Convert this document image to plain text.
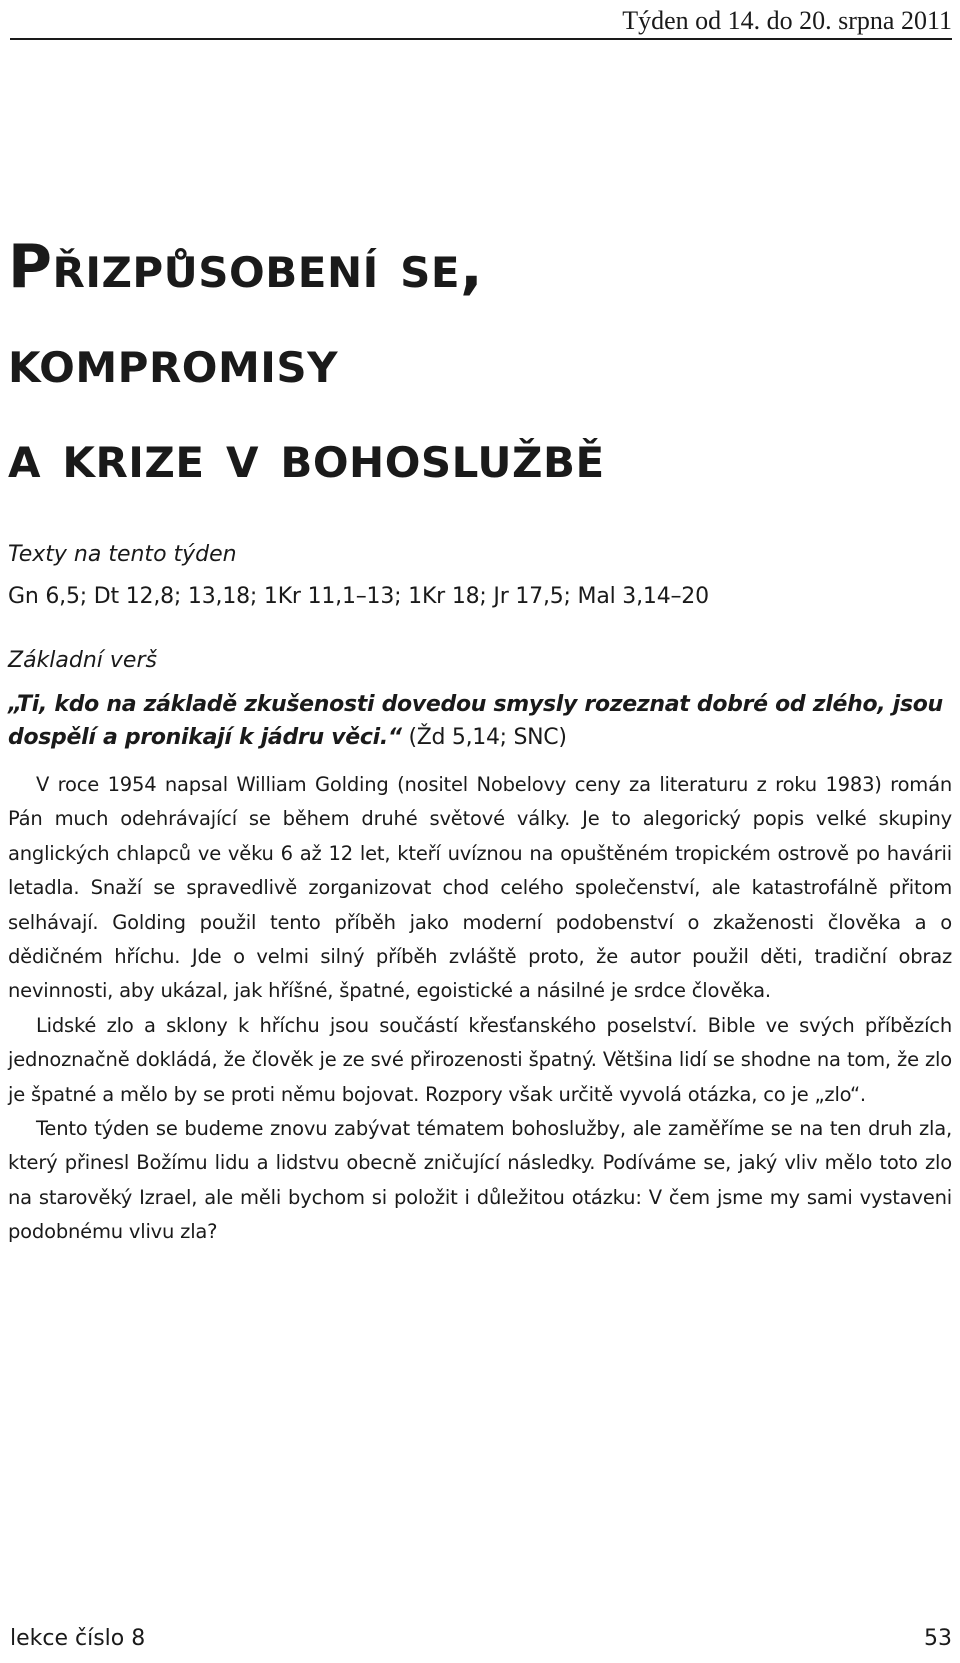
Týden od 14. do 20. srpna 2011
Přizpůsobení se,
kompromisy
a krize v bohoslužbě
Texty na tento týden
Gn 6,5; Dt 12,8; 13,18; 1Kr 11,1–13; 1Kr 18; Jr 17,5; Mal 3,14–20
Základní verš
„Ti, kdo na základě zkušenosti dovedou smysly rozeznat dobré od zlého, jsou dospělí a pronikají k jádru věci.“ (Žd 5,14; SNC)

V roce 1954 napsal William Golding (nositel Nobelovy ceny za literaturu z roku 1983) román Pán much odehrávající se během druhé světové války. Je to alegorický popis velké skupiny anglických chlapců ve věku 6 až 12 let, kteří uvíznou na opuštěném tropickém ostrově po havárii letadla. Snaží se spravedlivě zorganizovat chod celého společenství, ale katastrofálně přitom selhávají. Golding použil tento příběh jako moderní podobenství o zkaženosti člověka a o dědičném hříchu. Jde o velmi silný příběh zvláště proto, že autor použil děti, tradiční obraz nevinnosti, aby ukázal, jak hříšné, špatné, egoistické a násilné je srdce člověka.

Lidské zlo a sklony k hříchu jsou součástí křesťanského poselství. Bible ve svých příbězích jednoznačně dokládá, že člověk je ze své přirozenosti špatný. Většina lidí se shodne na tom, že zlo je špatné a mělo by se proti němu bojovat. Rozpory však určitě vyvolá otázka, co je „zlo“.

Tento týden se budeme znovu zabývat tématem bohoslužby, ale zaměříme se na ten druh zla, který přinesl Božímu lidu a lidstvu obecně zničující následky. Podíváme se, jaký vliv mělo toto zlo na starověký Izrael, ale měli bychom si položit i důležitou otázku: V čem jsme my sami vystaveni podobnému vlivu zla?

lekce číslo 8	53
